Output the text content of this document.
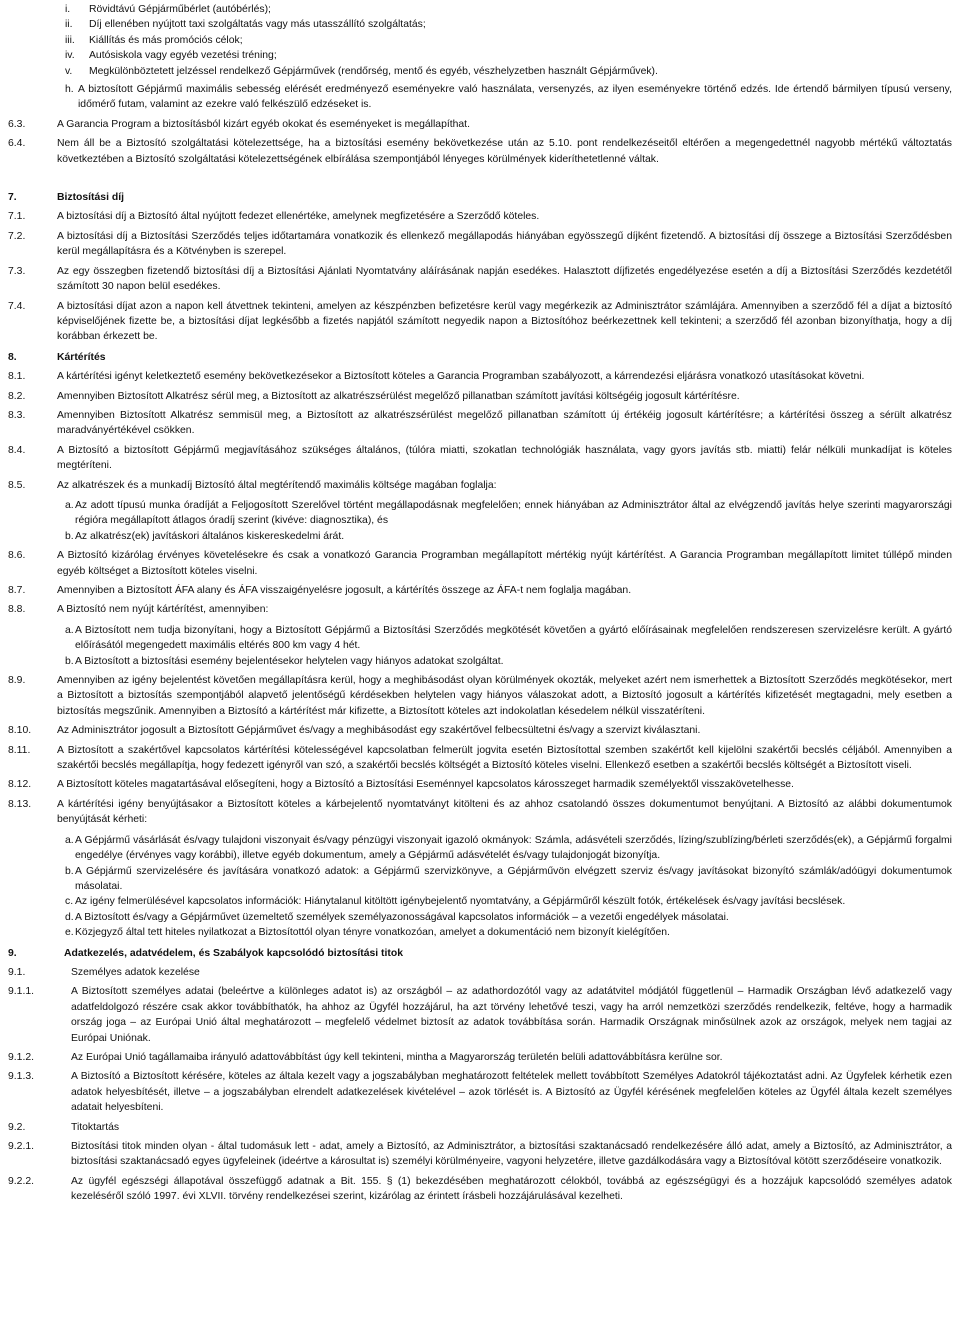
i.	Rövidtávú Gépjárműbérlet (autóbérlés);
ii.	Díj ellenében nyújtott taxi szolgáltatás vagy más utasszállító szolgáltatás;
iii.	Kiállítás és más promóciós célok;
iv.	Autósiskola vagy egyéb vezetési tréning;
v.	Megkülönböztetett jelzéssel rendelkező Gépjárművek (rendőrség, mentő és egyéb, vészhelyzetben használt Gépjárművek).
h. A biztosított Gépjármű maximális sebesség elérését eredményező eseményekre való használata, versenyzés, az ilyen eseményekre történő edzés. Ide értendő bármilyen típusú verseny, időmérő futam, valamint az ezekre való felkészülő edzéseket is.
6.3.	A Garancia Program a biztosításból kizárt egyéb okokat és eseményeket is megállapíthat.
6.4.	Nem áll be a Biztosító szolgáltatási kötelezettsége, ha a biztosítási esemény bekövetkezése után az 5.10. pont rendelkezéseitől eltérően a megengedettnél nagyobb mértékű változtatás következtében a Biztosító szolgáltatási kötelezettségének elbírálása szempontjából lényeges körülmények kideríthetetlenné váltak.
7.	Biztosítási díj
7.1.	A biztosítási díj a Biztosító által nyújtott fedezet ellenértéke, amelynek megfizetésére a Szerződő köteles.
7.2.	A biztosítási díj a Biztosítási Szerződés teljes időtartamára vonatkozik és ellenkező megállapodás hiányában egyösszegű díjként fizetendő. A biztosítási díj összege a Biztosítási Szerződésben kerül megállapításra és a Kötvényben is szerepel.
7.3.	Az egy összegben fizetendő biztosítási díj a Biztosítási Ajánlati Nyomtatvány aláírásának napján esedékes. Halasztott díjfizetés engedélyezése esetén a díj a Biztosítási Szerződés kezdetétől számított 30 napon belül esedékes.
7.4.	A biztosítási díjat azon a napon kell átvettnek tekinteni, amelyen az készpénzben befizetésre kerül vagy megérkezik az Adminisztrátor számlájára. Amennyiben a szerződő fél a díjat a biztosító képviselőjének fizette be, a biztosítási díjat legkésőbb a fizetés napjától számított negyedik napon a Biztosítóhoz beérkezettnek kell tekinteni; a szerződő fél azonban bizonyíthatja, hogy a díj korábban érkezett be.
8.	Kártérítés
8.1.	A kártérítési igényt keletkeztető esemény bekövetkezésekor a Biztosított köteles a Garancia Programban szabályozott, a kárrendezési eljárásra vonatkozó utasításokat követni.
8.2.	Amennyiben Biztosított Alkatrész sérül meg, a Biztosított az alkatrészsérülést megelőző pillanatban számított javítási költségéig jogosult kártérítésre.
8.3.	Amennyiben Biztosított Alkatrész semmisül meg, a Biztosított az alkatrészsérülést megelőző pillanatban számított új értékéig jogosult kártérítésre; a kártérítési összeg a sérült alkatrész maradványértékével csökken.
8.4.	A Biztosító a biztosított Gépjármű megjavításához szükséges általános, (túlóra miatti, szokatlan technológiák használata, vagy gyors javítás stb. miatti) felár nélküli munkadíjat is köteles megtéríteni.
8.5.	Az alkatrészek és a munkadíj Biztosító által megtérítendő maximális költsége magában foglalja:
a. Az adott típusú munka óradíját a Feljogosított Szerelővel történt megállapodásnak megfelelően; ennek hiányában az Adminisztrátor által az elvégzendő javítás helye szerinti magyarországi régióra megállapított átlagos óradíj szerint (kivéve: diagnosztika), és
b. Az alkatrész(ek) javításkori általános kiskereskedelmi árát.
8.6.	A Biztosító kizárólag érvényes követelésekre és csak a vonatkozó Garancia Programban megállapított mértékig nyújt kártérítést. A Garancia Programban megállapított limitet túllépő minden egyéb költséget a Biztosított köteles viselni.
8.7.	Amennyiben a Biztosított ÁFA alany és ÁFA visszaigényelésre jogosult, a kártérítés összege az ÁFA-t nem foglalja magában.
8.8.	A Biztosító nem nyújt kártérítést, amennyiben:
a. A Biztosított nem tudja bizonyítani, hogy a Biztosított Gépjármű a Biztosítási Szerződés megkötését követően a gyártó előírásainak megfelelően rendszeresen szervizelésre került. A gyártó előírásától megengedett maximális eltérés 800 km vagy 4 hét.
b. A Biztosított a biztosítási esemény bejelentésekor helytelen vagy hiányos adatokat szolgáltat.
8.9.	Amennyiben az igény bejelentést követően megállapításra kerül, hogy a meghibásodást olyan körülmények okozták, melyeket azért nem ismerhettek a Biztosított Szerződés megkötésekor, mert a Biztosított a biztosítás szempontjából alapvető jelentőségű kérdésekben helytelen vagy hiányos válaszokat adott, a Biztosító jogosult a kártérítés kifizetését megtagadni, mely esetben a biztosítás megszűnik. Amennyiben a Biztosító a kártérítést már kifizette, a Biztosított köteles azt indokolatlan késedelem nélkül visszatéríteni.
8.10.	Az Adminisztrátor jogosult a Biztosított Gépjárművet és/vagy a meghibásodást egy szakértővel felbecsültetni és/vagy a szervizt kiválasztani.
8.11.	A Biztosított a szakértővel kapcsolatos kártérítési kötelességével kapcsolatban felmerült jogvita esetén Biztosítottal szemben szakértőt kell kijelölni szakértői becslés céljából. Amennyiben a szakértői becslés megállapítja, hogy fedezett igényről van szó, a szakértői becslés költségét a Biztosító köteles viselni. Ellenkező esetben a szakértői becslés költségét a Biztosított viseli.
8.12.	A Biztosított köteles magatartásával elősegíteni, hogy a Biztosító a Biztosítási Eseménnyel kapcsolatos károsszeget harmadik személyektől visszakövetelhesse.
8.13.	A kártérítési igény benyújtásakor a Biztosított köteles a kárbejelentő nyomtatványt kitölteni és az ahhoz csatolandó összes dokumentumot benyújtani. A Biztosító az alábbi dokumentumok benyújtását kérheti:
a. A Gépjármű vásárlását és/vagy tulajdoni viszonyait és/vagy pénzügyi viszonyait igazoló okmányok: Számla, adásvételi szerződés, lízing/szublízing/bérleti szerződés(ek), a Gépjármű forgalmi engedélye (érvényes vagy korábbi), illetve egyéb dokumentum, amely a Gépjármű adásvételét és/vagy tulajdonjogát bizonyítja.
b. A Gépjármű szervizelésére és javítására vonatkozó adatok: a Gépjármű szervizkönyve, a Gépjárművön elvégzett szerviz és/vagy javításokat bizonyító számlák/adóügyi dokumentumok másolatai.
c. Az igény felmerülésével kapcsolatos információk: Hiánytalanul kitöltött igénybejelentő nyomtatvány, a Gépjárműről készült fotók, értékelések és/vagy javítási becslések.
d. A Biztosított és/vagy a Gépjárművet üzemeltető személyek személyazonosságával kapcsolatos információk – a vezetői engedélyek másolatai.
e. Közjegyző által tett hiteles nyilatkozat a Biztosítottól olyan tényre vonatkozóan, amelyet a dokumentáció nem bizonyít kielégítően.
9.	Adatkezelés, adatvédelem, és Szabályok kapcsolódó biztosítási titok
9.1.	Személyes adatok kezelése
9.1.1.	A Biztosított személyes adatai (beleértve a különleges adatot is) az országból – az adathordozótól vagy az adatátvitel módjától függetlenül – Harmadik Országban lévő adatkezelő vagy adatfeldolgozó részére csak akkor továbbíthatók, ha ahhoz az Ügyfél hozzájárul, ha azt törvény lehetővé teszi, vagy ha arról nemzetközi szerződés rendelkezik, feltéve, hogy a harmadik ország joga – az Európai Unió által meghatározott – megfelelő védelmet biztosít az adatok továbbítása során. Harmadik Országnak minősülnek azok az országok, melyek nem tagjai az Európai Uniónak.
9.1.2.	Az Európai Unió tagállamaiba irányuló adattovábbítást úgy kell tekinteni, mintha a Magyarország területén belüli adattovábbításra kerülne sor.
9.1.3.	A Biztosító a Biztosított kérésére, köteles az általa kezelt vagy a jogszabályban meghatározott feltételek mellett továbbított Személyes Adatokról tájékoztatást adni. Az Ügyfelek kérhetik ezen adatok helyesbítését, illetve – a jogszabályban elrendelt adatkezelések kivételével – azok törlését is. A Biztosító az Ügyfél kérésének megfelelően köteles az Ügyfél általa kezelt személyes adatait helyesbíteni.
9.2.	Titoktartás
9.2.1.	Biztosítási titok minden olyan - által tudomásuk lett - adat, amely a Biztosító, az Adminisztrátor, a biztosítási szaktanácsadó rendelkezésére álló adat, amely a Biztosító, az Adminisztrátor, a biztosítási szaktanácsadó egyes ügyfeleinek (ideértve a károsultat is) személyi körülményeire, vagyoni helyzetére, illetve gazdálkodására vagy a Biztosítóval kötött szerződéseire vonatkozik.
9.2.2.	Az ügyfél egészségi állapotával összefüggő adatnak a Bit. 155. § (1) bekezdésében meghatározott célokból, továbbá az egészségügyi és a hozzájuk kapcsolódó személyes adatok kezeléséről szóló 1997. évi XLVII. törvény rendelkezései szerint, kizárólag az érintett írásbeli hozzájárulásával kezelheti.
